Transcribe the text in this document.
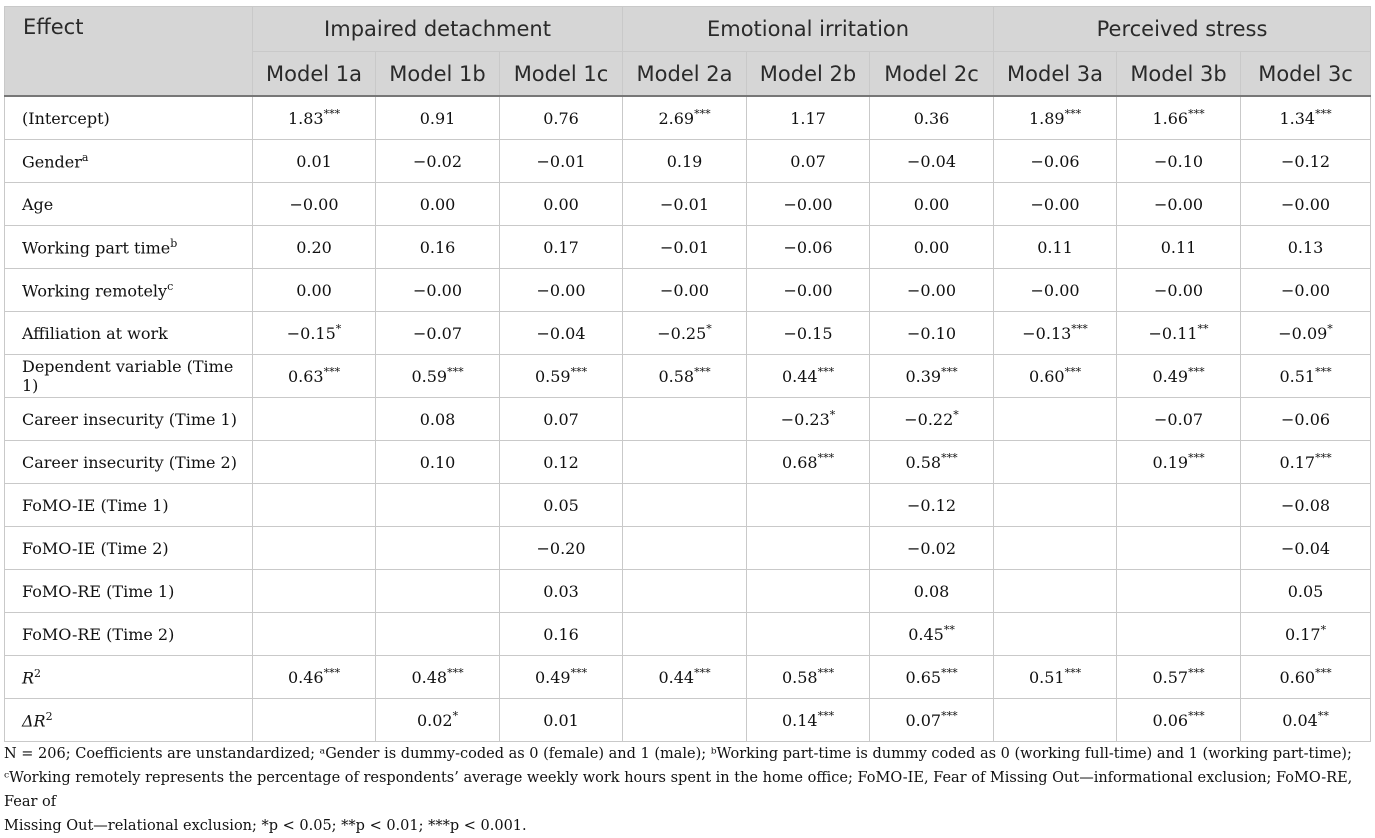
Effect	Impaired detachment			Emotional irritation			Perceived stress		
	Model 1a	Model 1b	Model 1c	Model 2a	Model 2b	Model 2c	Model 3a	Model 3b	Model 3c
(Intercept)	1.83***	0.91	0.76	2.69***	1.17	0.36	1.89***	1.66***	1.34***
Gender$^a$	0.01	−0.02	−0.01	0.19	0.07	−0.04	−0.06	−0.10	−0.12
Age	−0.00	0.00	0.00	−0.01	−0.00	0.00	−0.00	−0.00	−0.00
Working part time$^b$	0.20	0.16	0.17	−0.01	−0.06	0.00	0.11	0.11	0.13
Working remotely$^c$	0.00	−0.00	−0.00	−0.00	−0.00	−0.00	−0.00	−0.00	−0.00
Affiliation at work	−0.15*	−0.07	−0.04	−0.25*	−0.15	−0.10	−0.13***	−0.11**	−0.09*
Dependent variable (Time 1)	0.63***	0.59***	0.59***	0.58***	0.44***	0.39***	0.60***	0.49***	0.51***
Career insecurity (Time 1)		0.08	0.07		−0.23*	−0.22*		−0.07	−0.06
Career insecurity (Time 2)		0.10	0.12		0.68***	0.58***		0.19***	0.17***
FoMO-IE (Time 1)			0.05			−0.12			−0.08
FoMO-IE (Time 2)			−0.20			−0.02			−0.04
FoMO-RE (Time 1)			0.03			0.08			0.05
FoMO-RE (Time 2)			0.16			0.45**			0.17*
$R^2$	0.46***	0.48***	0.49***	0.44***	0.58***	0.65***	0.51***	0.57***	0.60***
$\Delta R^2$		0.02*	0.01		0.14***	0.07***		0.06***	0.04**
N = 206; Coefficients are unstandardized; ᵃGender is dummy-coded as 0 (female) and 1 (male); ᵇWorking part-time is dummy coded as 0 (working full-time) and 1 (working part-time);
ᶜWorking remotely represents the percentage of respondents’ average weekly work hours spent in the home office; FoMO-IE, Fear of Missing Out—informational exclusion; FoMO-RE, Fear of
Missing Out—relational exclusion; *p < 0.05; **p < 0.01; ***p < 0.001.
